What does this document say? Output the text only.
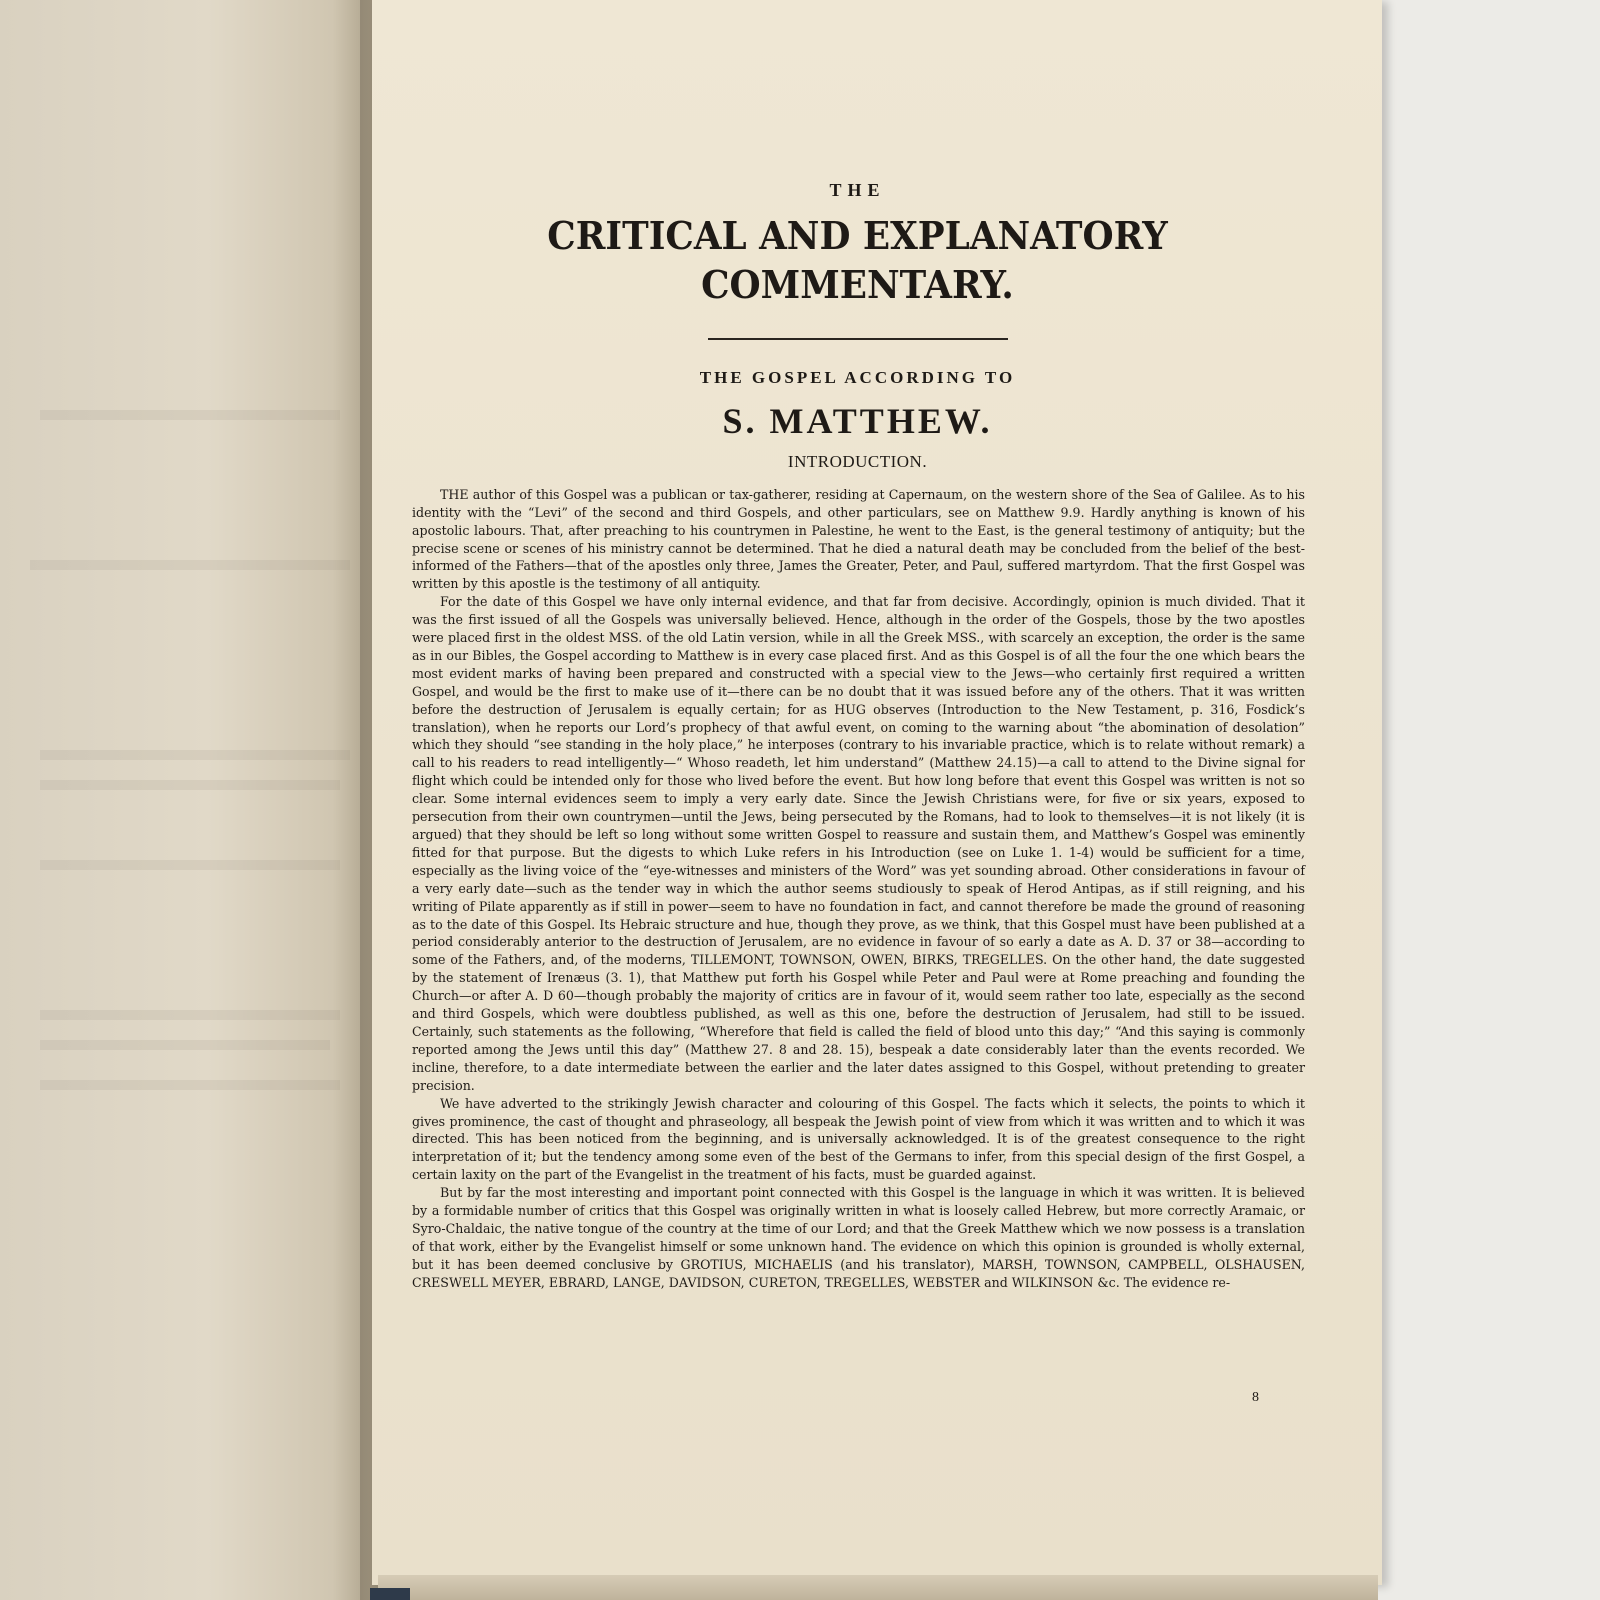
THE
CRITICAL AND EXPLANATORY COMMENTARY.
THE GOSPEL ACCORDING TO
S. MATTHEW.
INTRODUCTION.

THE author of this Gospel was a publican or tax-gatherer, residing at Capernaum, on the western shore of the Sea of Galilee. As to his identity with the “Levi” of the second and third Gospels, and other particulars, see on Matthew 9.9. Hardly anything is known of his apostolic labours. That, after preaching to his countrymen in Palestine, he went to the East, is the general testimony of antiquity; but the precise scene or scenes of his ministry cannot be determined. That he died a natural death may be concluded from the belief of the best-informed of the Fathers—that of the apostles only three, James the Greater, Peter, and Paul, suffered martyrdom. That the first Gospel was written by this apostle is the testimony of all antiquity.

For the date of this Gospel we have only internal evidence, and that far from decisive. Accordingly, opinion is much divided. That it was the first issued of all the Gospels was universally believed. Hence, although in the order of the Gospels, those by the two apostles were placed first in the oldest MSS. of the old Latin version, while in all the Greek MSS., with scarcely an exception, the order is the same as in our Bibles, the Gospel according to Matthew is in every case placed first. And as this Gospel is of all the four the one which bears the most evident marks of having been prepared and constructed with a special view to the Jews—who certainly first required a written Gospel, and would be the first to make use of it—there can be no doubt that it was issued before any of the others. That it was written before the destruction of Jerusalem is equally certain; for as HUG observes (Introduction to the New Testament, p. 316, Fosdick’s translation), when he reports our Lord’s prophecy of that awful event, on coming to the warning about “the abomination of desolation” which they should “see standing in the holy place,” he interposes (contrary to his invariable practice, which is to relate without remark) a call to his readers to read intelligently—“ Whoso readeth, let him understand” (Matthew 24.15)—a call to attend to the Divine signal for flight which could be intended only for those who lived before the event. But how long before that event this Gospel was written is not so clear. Some internal evidences seem to imply a very early date. Since the Jewish Christians were, for five or six years, exposed to persecution from their own countrymen—until the Jews, being persecuted by the Romans, had to look to themselves—it is not likely (it is argued) that they should be left so long without some written Gospel to reassure and sustain them, and Matthew’s Gospel was eminently fitted for that purpose. But the digests to which Luke refers in his Introduction (see on Luke 1. 1-4) would be sufficient for a time, especially as the living voice of the “eye-witnesses and ministers of the Word” was yet sounding abroad. Other considerations in favour of a very early date—such as the tender way in which the author seems studiously to speak of Herod Antipas, as if still reigning, and his writing of Pilate apparently as if still in power—seem to have no foundation in fact, and cannot therefore be made the ground of reasoning as to the date of this Gospel. Its Hebraic structure and hue, though they prove, as we think, that this Gospel must have been published at a period considerably anterior to the destruction of Jerusalem, are no evidence in favour of so early a date as A. D. 37 or 38—according to some of the Fathers, and, of the moderns, TILLEMONT, TOWNSON, OWEN, BIRKS, TREGELLES. On the other hand, the date suggested by the statement of Irenæus (3. 1), that Matthew put forth his Gospel while Peter and Paul were at Rome preaching and founding the Church—or after A. D 60—though probably the majority of critics are in favour of it, would seem rather too late, especially as the second and third Gospels, which were doubtless published, as well as this one, before the destruction of Jerusalem, had still to be issued. Certainly, such statements as the following, “Wherefore that field is called the field of blood unto this day;” “And this saying is commonly reported among the Jews until this day” (Matthew 27. 8 and 28. 15), bespeak a date considerably later than the events recorded. We incline, therefore, to a date intermediate between the earlier and the later dates assigned to this Gospel, without pretending to greater precision.

We have adverted to the strikingly Jewish character and colouring of this Gospel. The facts which it selects, the points to which it gives prominence, the cast of thought and phraseology, all bespeak the Jewish point of view from which it was written and to which it was directed. This has been noticed from the beginning, and is universally acknowledged. It is of the greatest consequence to the right interpretation of it; but the tendency among some even of the best of the Germans to infer, from this special design of the first Gospel, a certain laxity on the part of the Evangelist in the treatment of his facts, must be guarded against.

But by far the most interesting and important point connected with this Gospel is the language in which it was written. It is believed by a formidable number of critics that this Gospel was originally written in what is loosely called Hebrew, but more correctly Aramaic, or Syro-Chaldaic, the native tongue of the country at the time of our Lord; and that the Greek Matthew which we now possess is a translation of that work, either by the Evangelist himself or some unknown hand. The evidence on which this opinion is grounded is wholly external, but it has been deemed conclusive by GROTIUS, MICHAELIS (and his translator), MARSH, TOWNSON, CAMPBELL, OLSHAUSEN, CRESWELL MEYER, EBRARD, LANGE, DAVIDSON, CURETON, TREGELLES, WEBSTER and WILKINSON &c. The evidence re-

8
